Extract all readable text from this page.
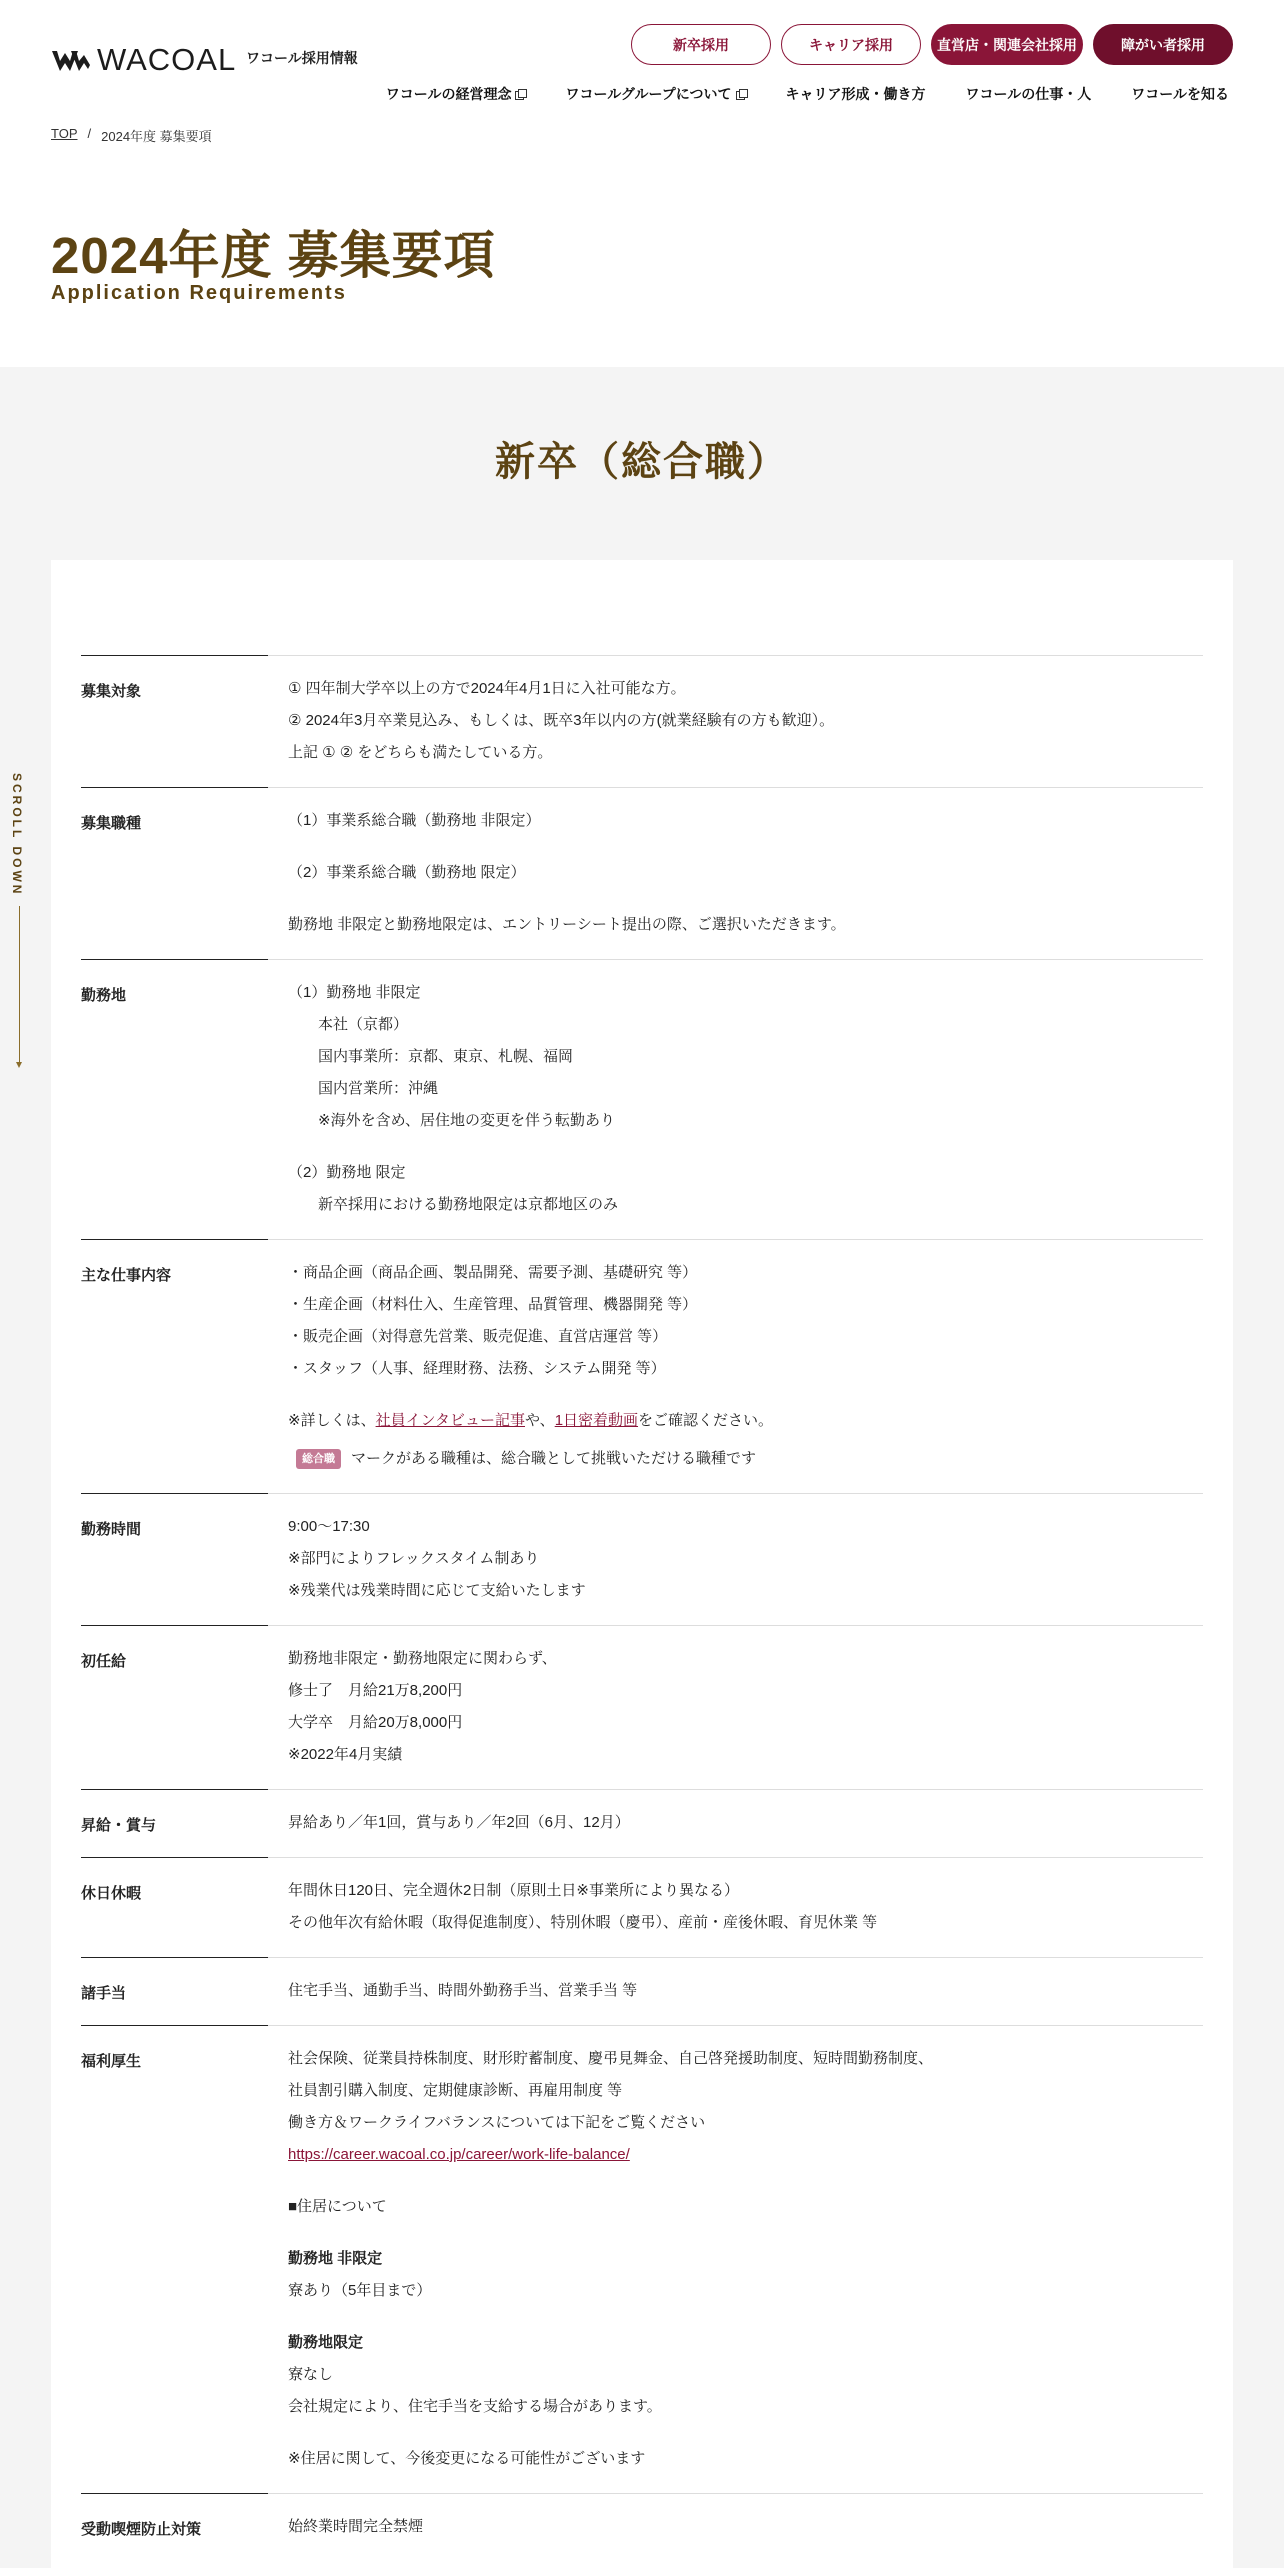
WACOAL ワコール採用情報
新卒採用	キャリア採用	直営店・関連会社採用	障がい者採用
ワコールの経営理念	ワコールグループについて	キャリア形成・働き方	ワコールの仕事・人	ワコールを知る
TOP / 2024年度 募集要項
2024年度 募集要項
Application Requirements
新卒（総合職）
SCROLL DOWN
募集対象	① 四年制大学卒以上の方で2024年4月1日に入社可能な方。

② 2024年3月卒業見込み、もしくは、既卒3年以内の方(就業経験有の方も歓迎）。

上記 ① ② をどちらも満たしている方。

募集職種	（1）事業系総合職（勤務地 非限定）

（2）事業系総合職（勤務地 限定）

勤務地 非限定と勤務地限定は、エントリーシート提出の際、ご選択いただきます。

勤務地	（1）勤務地 非限定

本社（京都）

国内事業所：京都、東京、札幌、福岡

国内営業所：沖縄

※海外を含め、居住地の変更を伴う転勤あり

（2）勤務地 限定

新卒採用における勤務地限定は京都地区のみ

主な仕事内容	・商品企画（商品企画、製品開発、需要予測、基礎研究 等）

・生産企画（材料仕入、生産管理、品質管理、機器開発 等）

・販売企画（対得意先営業、販売促進、直営店運営 等）

・スタッフ（人事、経理財務、法務、システム開発 等）

※詳しくは、社員インタビュー記事や、1日密着動画をご確認ください。

総合職 マークがある職種は、総合職として挑戦いただける職種です

勤務時間	9:00～17:30

※部門によりフレックスタイム制あり

※残業代は残業時間に応じて支給いたします

初任給	勤務地非限定・勤務地限定に関わらず、

修士了　月給21万8,200円

大学卒　月給20万8,000円

※2022年4月実績

昇給・賞与	昇給あり／年1回，賞与あり／年2回（6月、12月）

休日休暇	年間休日120日、完全週休2日制（原則土日※事業所により異なる）

その他年次有給休暇（取得促進制度）、特別休暇（慶弔）、産前・産後休暇、育児休業 等

諸手当	住宅手当、通勤手当、時間外勤務手当、営業手当 等

福利厚生	社会保険、従業員持株制度、財形貯蓄制度、慶弔見舞金、自己啓発援助制度、短時間勤務制度、

社員割引購入制度、定期健康診断、再雇用制度 等

働き方＆ワークライフバランスについては下記をご覧ください

https://career.wacoal.co.jp/career/work-life-balance/

■住居について

勤務地 非限定

寮あり（5年目まで）

勤務地限定

寮なし

会社規定により、住宅手当を支給する場合があります。

※住居に関して、今後変更になる可能性がございます

受動喫煙防止対策	始終業時間完全禁煙
